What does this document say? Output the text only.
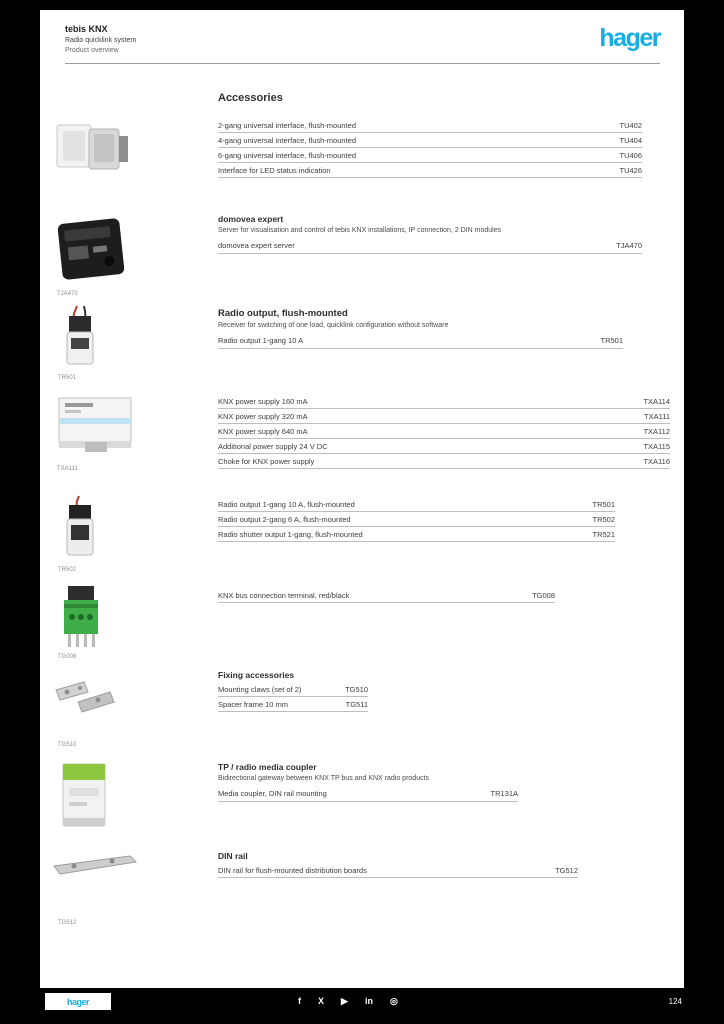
tebis KNX
Radio quicklink system
Product overview	hager
Accessories
2-gang universal interface, flush-mounted	TU402
4-gang universal interface, flush-mounted	TU404
6-gang universal interface, flush-mounted	TU406
Interface for LED status indication	TU426
TJA470
domovea expert
Server for visualisation and control of tebis KNX installations, IP connection, 2 DIN modules
domovea expert server	TJA470
TR501
Radio output, flush-mounted
Receiver for switching of one load, quicklink configuration without software
Radio output 1-gang 10 A	TR501
TXA111
KNX power supply 160 mA	TXA114
KNX power supply 320 mA	TXA111
KNX power supply 640 mA	TXA112
Additional power supply 24 V DC	TXA115
Choke for KNX power supply	TXA116
TR502
Radio output 1-gang 10 A, flush-mounted	TR501
Radio output 2-gang 6 A, flush-mounted	TR502
Radio shutter output 1-gang, flush-mounted	TR521
TG008
KNX bus connection terminal, red/black	TG008
TG510
Fixing accessories
Mounting claws (set of 2)	TG510
Spacer frame 10 mm	TG511
TP / radio media coupler
Bidirectional gateway between KNX TP bus and KNX radio products
Media coupler, DIN rail mounting	TR131A
TG512
DIN rail
DIN rail for flush-mounted distribution boards	TG512
hager	f X ▶ in ◎	124
